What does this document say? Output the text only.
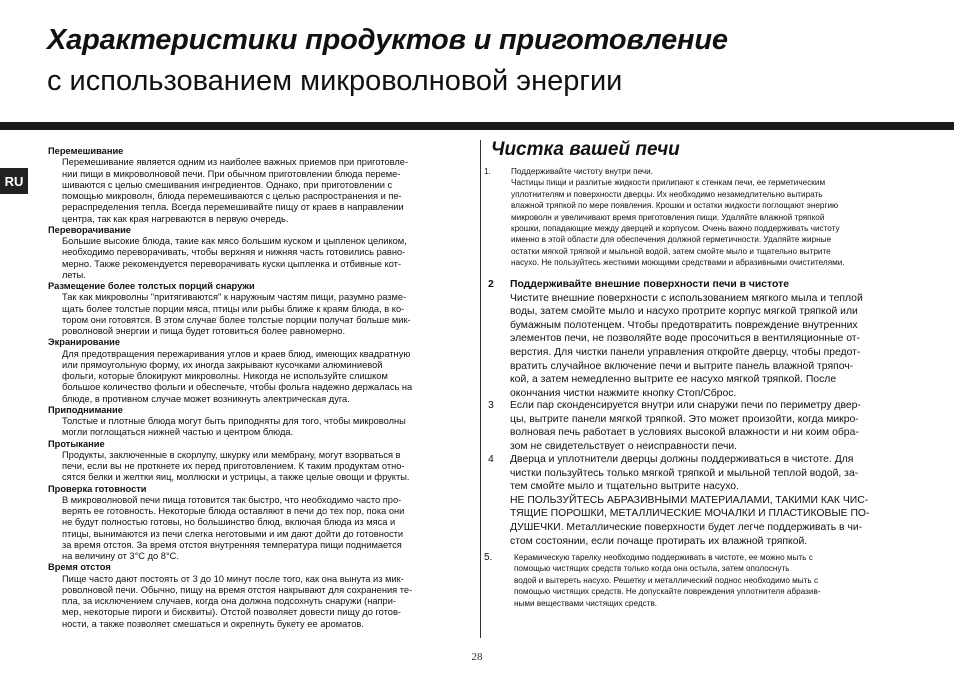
Характеристики продуктов и приготовление
с использованием микроволновой энергии
RU
Перемешивание
Перемешивание является одним из наиболее важных приемов при приготовле-
нии пищи в микроволновой печи. При обычном приготовлении блюда переме-
шиваются с целью смешивания ингредиентов. Однако, при приготовлении с
помощью микроволн, блюда перемешиваются с целью распространения и пе-
рераспределения тепла. Всегда перемешивайте пищу от краев в направлении
центра, так как края нагреваются в первую очередь.
Переворачивание
Большие высокие блюда, такие как мясо большим куском и цыпленок целиком,
необходимо переворачивать, чтобы верхняя и нижняя часть готовились равно-
мерно. Также рекомендуется переворачивать куски цыпленка и отбивные кот-
леты.
Размещение более толстых порций снаружи
Так как микроволны "притягиваются" к наружным частям пищи, разумно разме-
щать более толстые порции мяса, птицы или рыбы ближе к краям блюда, в ко-
тором они готовятся. В этом случае более толстые порции получат больше мик-
роволновой энергии и пища будет готовиться более равномерно.
Экранирование
Для предотвращения пережаривания углов и краев блюд, имеющих квадратную
или прямоугольную форму, их иногда закрывают кусочками алюминиевой
фольги, которые блокируют микроволны. Никогда не используйте слишком
большое количество фольги и обеспечьте, чтобы фольга надежно держалась на
блюде, в противном случае может возникнуть электрическая дуга.
Приподнимание
Толстые и плотные блюда могут быть приподняты для того, чтобы микроволны
могли поглощаться нижней частью и центром блюда.
Протыкание
Продукты, заключенные в скорлупу, шкурку или мембрану, могут взорваться в
печи, если вы не проткнете их перед приготовлением. К таким продуктам отно-
сятся белки и желтки яиц, моллюски и устрицы, а также целые овощи и фрукты.
Проверка готовности
В микроволновой печи пища готовится так быстро, что необходимо часто про-
верять ее готовность. Некоторые блюда оставляют в печи до тех пор, пока они
не будут полностью готовы, но большинство блюд, включая блюда из мяса и
птицы, вынимаются из печи слегка неготовыми и им дают дойти до готовности
за время отстоя. За время отстоя внутренняя температура пищи поднимается
на величину от 3°С до 8°С.
Время отстоя
Пище часто дают постоять от 3 до 10 минут после того, как она вынута из мик-
роволновой печи. Обычно, пищу на время отстоя накрывают для сохранения те-
пла, за исключением случаев, когда она должна подсохнуть снаружи (напри-
мер, некоторые пироги и бисквиты). Отстой позволяет довести пищу до готов-
ности, а также позволяет смешаться и окрепнуть букету ее ароматов.
Чистка вашей печи
1. Поддерживайте чистоту внутри печи.
Частицы пищи и разлитые жидкости прилипают к стенкам печи, ее герметическим
уплотнителям и поверхности дверцы. Их необходимо незамедлительно вытирать
влажной тряпкой по мере появления. Крошки и остатки жидкости поглощают энергию
микроволн и увеличивают время приготовления пищи. Удаляйте влажной тряпкой
крошки, попадающие между дверцей и корпусом. Очень важно поддерживать чистоту
именно в этой области для обеспечения должной герметичности. Удаляйте жирные
остатки мягкой тряпкой и мыльной водой, затем смойте мыло и тщательно вытрите
насухо. Не пользуйтесь жесткими моющими средствами и абразивными очистителями.
2 Поддерживайте внешние поверхности печи в чистоте
Чистите внешние поверхности с использованием мягкого мыла и теплой
воды, затем смойте мыло и насухо протрите корпус мягкой тряпкой или
бумажным полотенцем. Чтобы предотвратить повреждение внутренних
элементов печи, не позволяйте воде просочиться в вентиляционные от-
верстия. Для чистки панели управления откройте дверцу, чтобы предот-
вратить случайное включение печи и вытрите панель влажной тряпоч-
кой, а затем немедленно вытрите ее насухо мягкой тряпкой. После
окончания чистки нажмите кнопку Стоп/Сброс.
3 Если пар сконденсируется внутри или снаружи печи по периметру двер-
цы, вытрите панели мягкой тряпкой. Это может произойти, когда микро-
волновая печь работает в условиях высокой влажности и ни коим обра-
зом не свидетельствует о неисправности печи.
4 Дверца и уплотнители дверцы должны поддерживаться в чистоте. Для
чистки пользуйтесь только мягкой тряпкой и мыльной теплой водой, за-
тем смойте мыло и тщательно вытрите насухо.
НЕ ПОЛЬЗУЙТЕСЬ АБРАЗИВНЫМИ МАТЕРИАЛАМИ, ТАКИМИ КАК ЧИС-
ТЯЩИЕ ПОРОШКИ, МЕТАЛЛИЧЕСКИЕ МОЧАЛКИ И ПЛАСТИКОВЫЕ ПО-
ДУШЕЧКИ. Металлические поверхности будет легче поддерживать в чи-
стом состоянии, если почаще протирать их влажной тряпкой.
5.	Керамическую тарелку необходимо поддерживать в чистоте, ее можно мыть с
помощью чистящих средств только когда она остыла, затем ополоснуть
водой и вытереть насухо. Решетку и металлический поднос необходимо мыть с
помощью чистящих средств. Не допускайте повреждения уплотнителя абразив-
ными веществами чистящих средств.
28
